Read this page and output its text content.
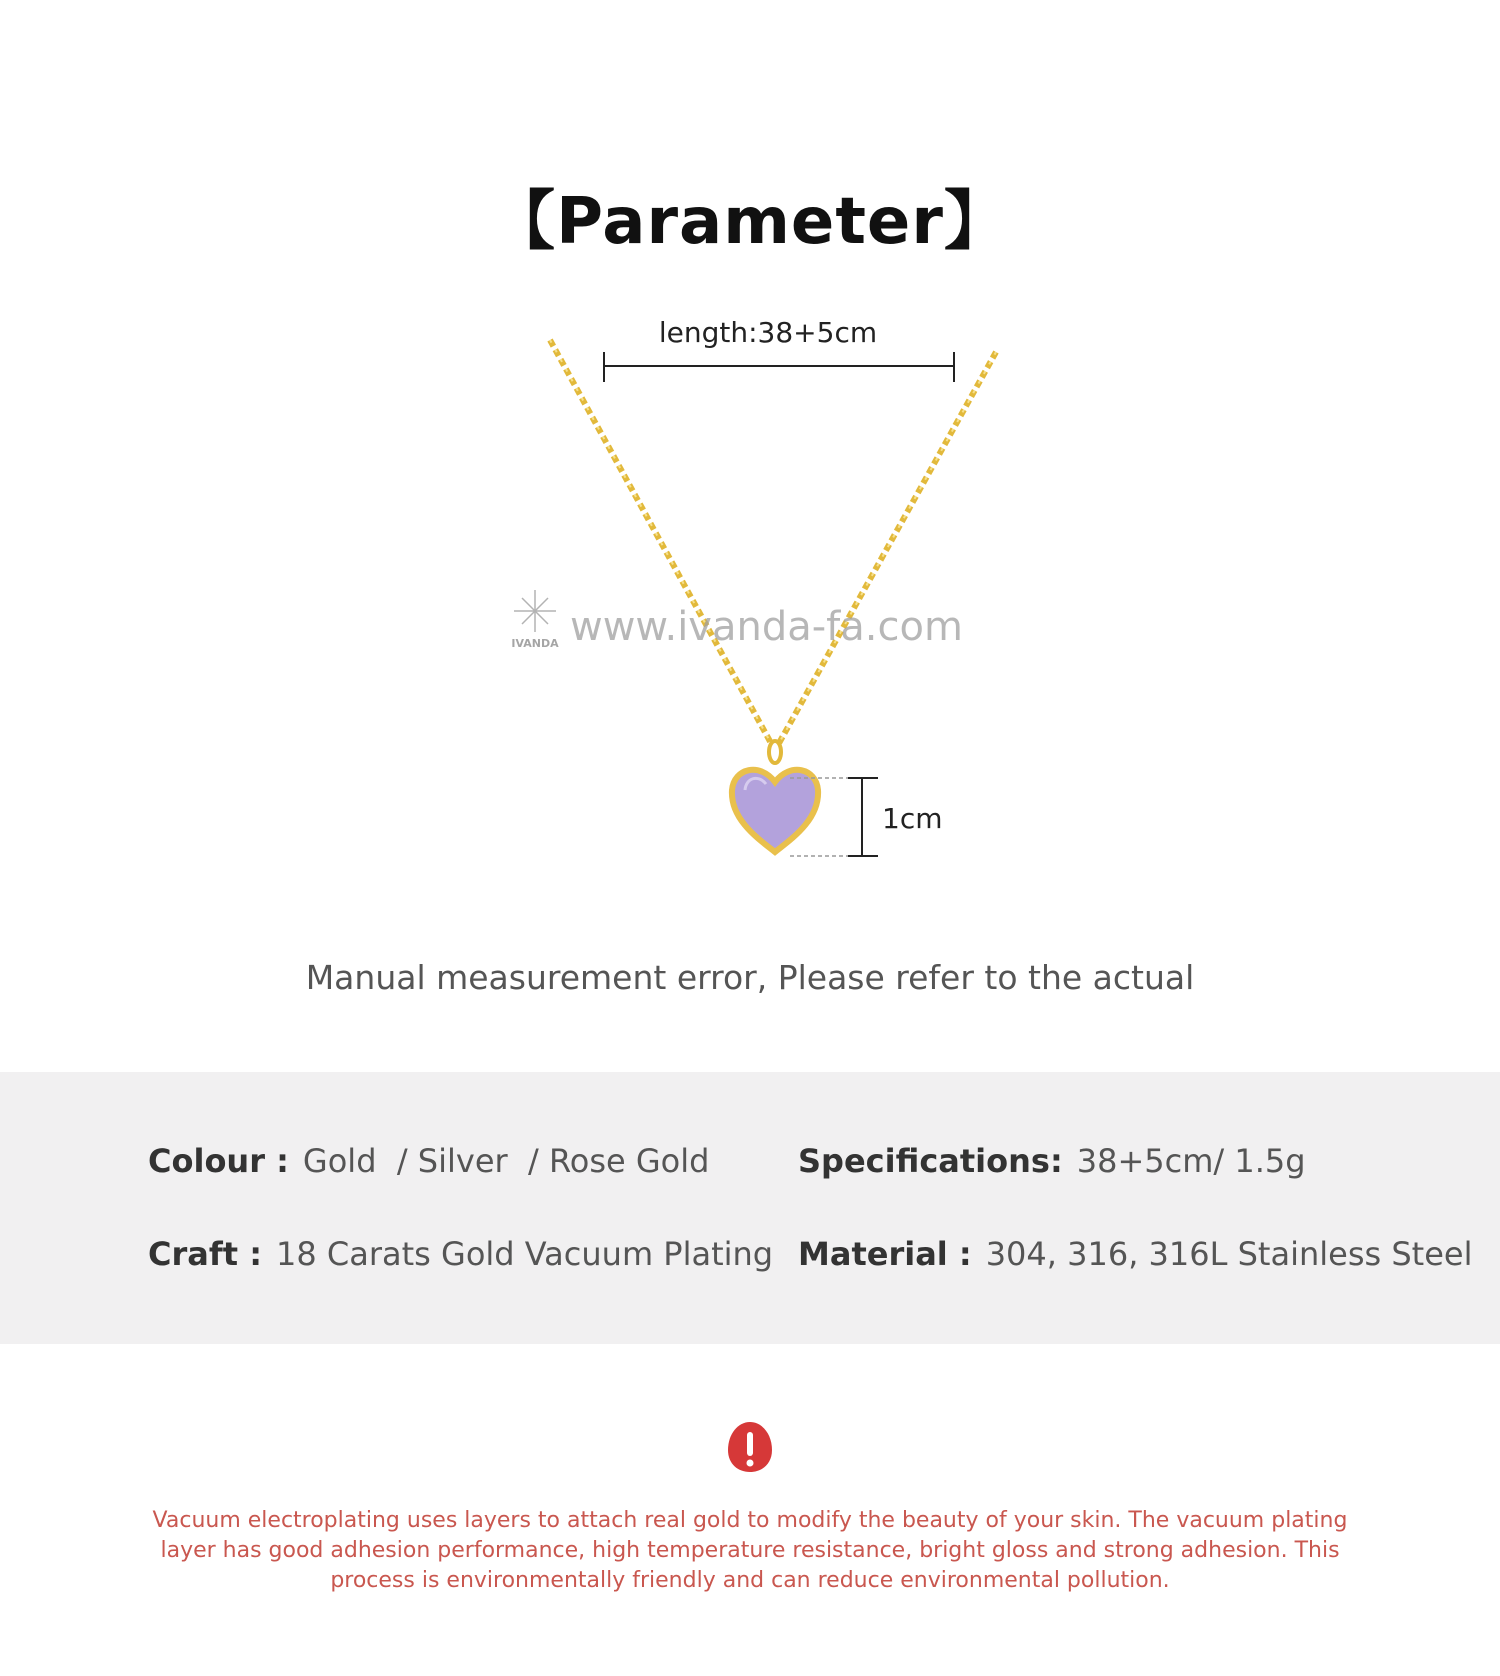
【Parameter】
length:38+5cm
1cm
IVANDA www.ivanda-fa.com
Manual measurement error, Please refer to the actual
Colour : Gold  / Silver  / Rose Gold	Specifications: 38+5cm/ 1.5g
Craft : 18 Carats Gold Vacuum Plating Material : 304, 316, 316L Stainless Steel
Vacuum electroplating uses layers to attach real gold to modify the beauty of your skin. The vacuum plating layer has good adhesion performance, high temperature resistance, bright gloss and strong adhesion. This process is environmentally friendly and can reduce environmental pollution.
